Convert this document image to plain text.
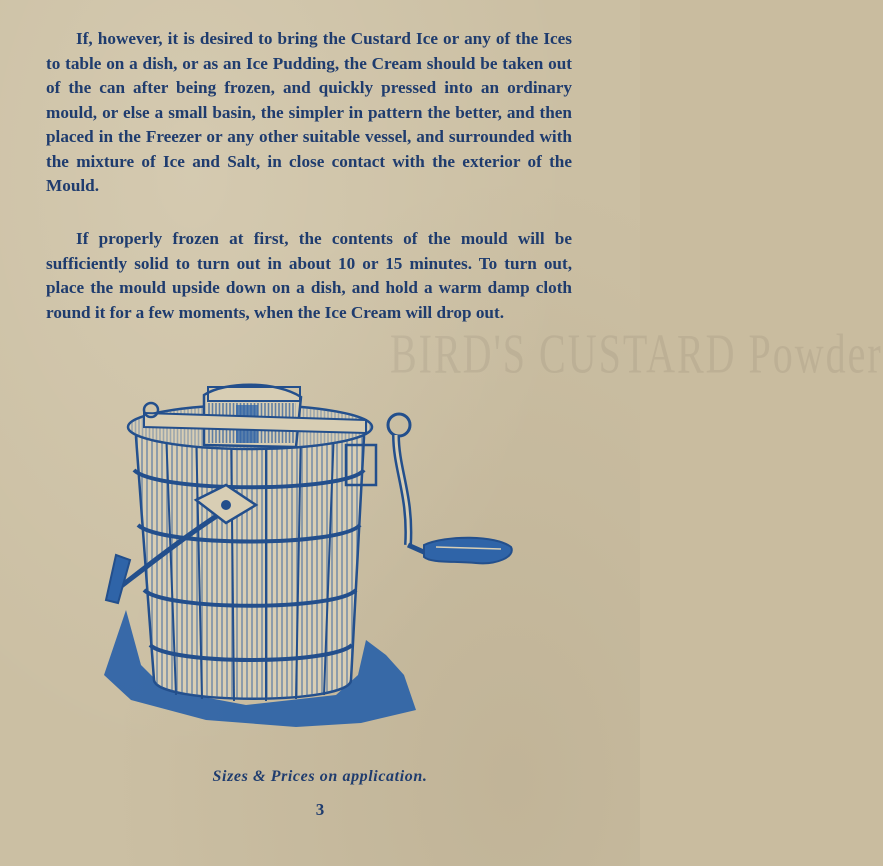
BIRD'S CUSTARD Powder

If, however, it is desired to bring the Custard Ice or any of the Ices to table on a dish, or as an Ice Pudding, the Cream should be taken out of the can after being frozen, and quickly pressed into an ordinary mould, or else a small basin, the simpler in pattern the better, and then placed in the Freezer or any other suitable vessel, and surrounded with the mixture of Ice and Salt, in close contact with the exterior of the Mould.

If properly frozen at first, the contents of the mould will be sufficiently solid to turn out in about 10 or 15 minutes. To turn out, place the mould upside down on a dish, and hold a warm damp cloth round it for a few moments, when the Ice Cream will drop out.

Sizes & Prices on application.
3
